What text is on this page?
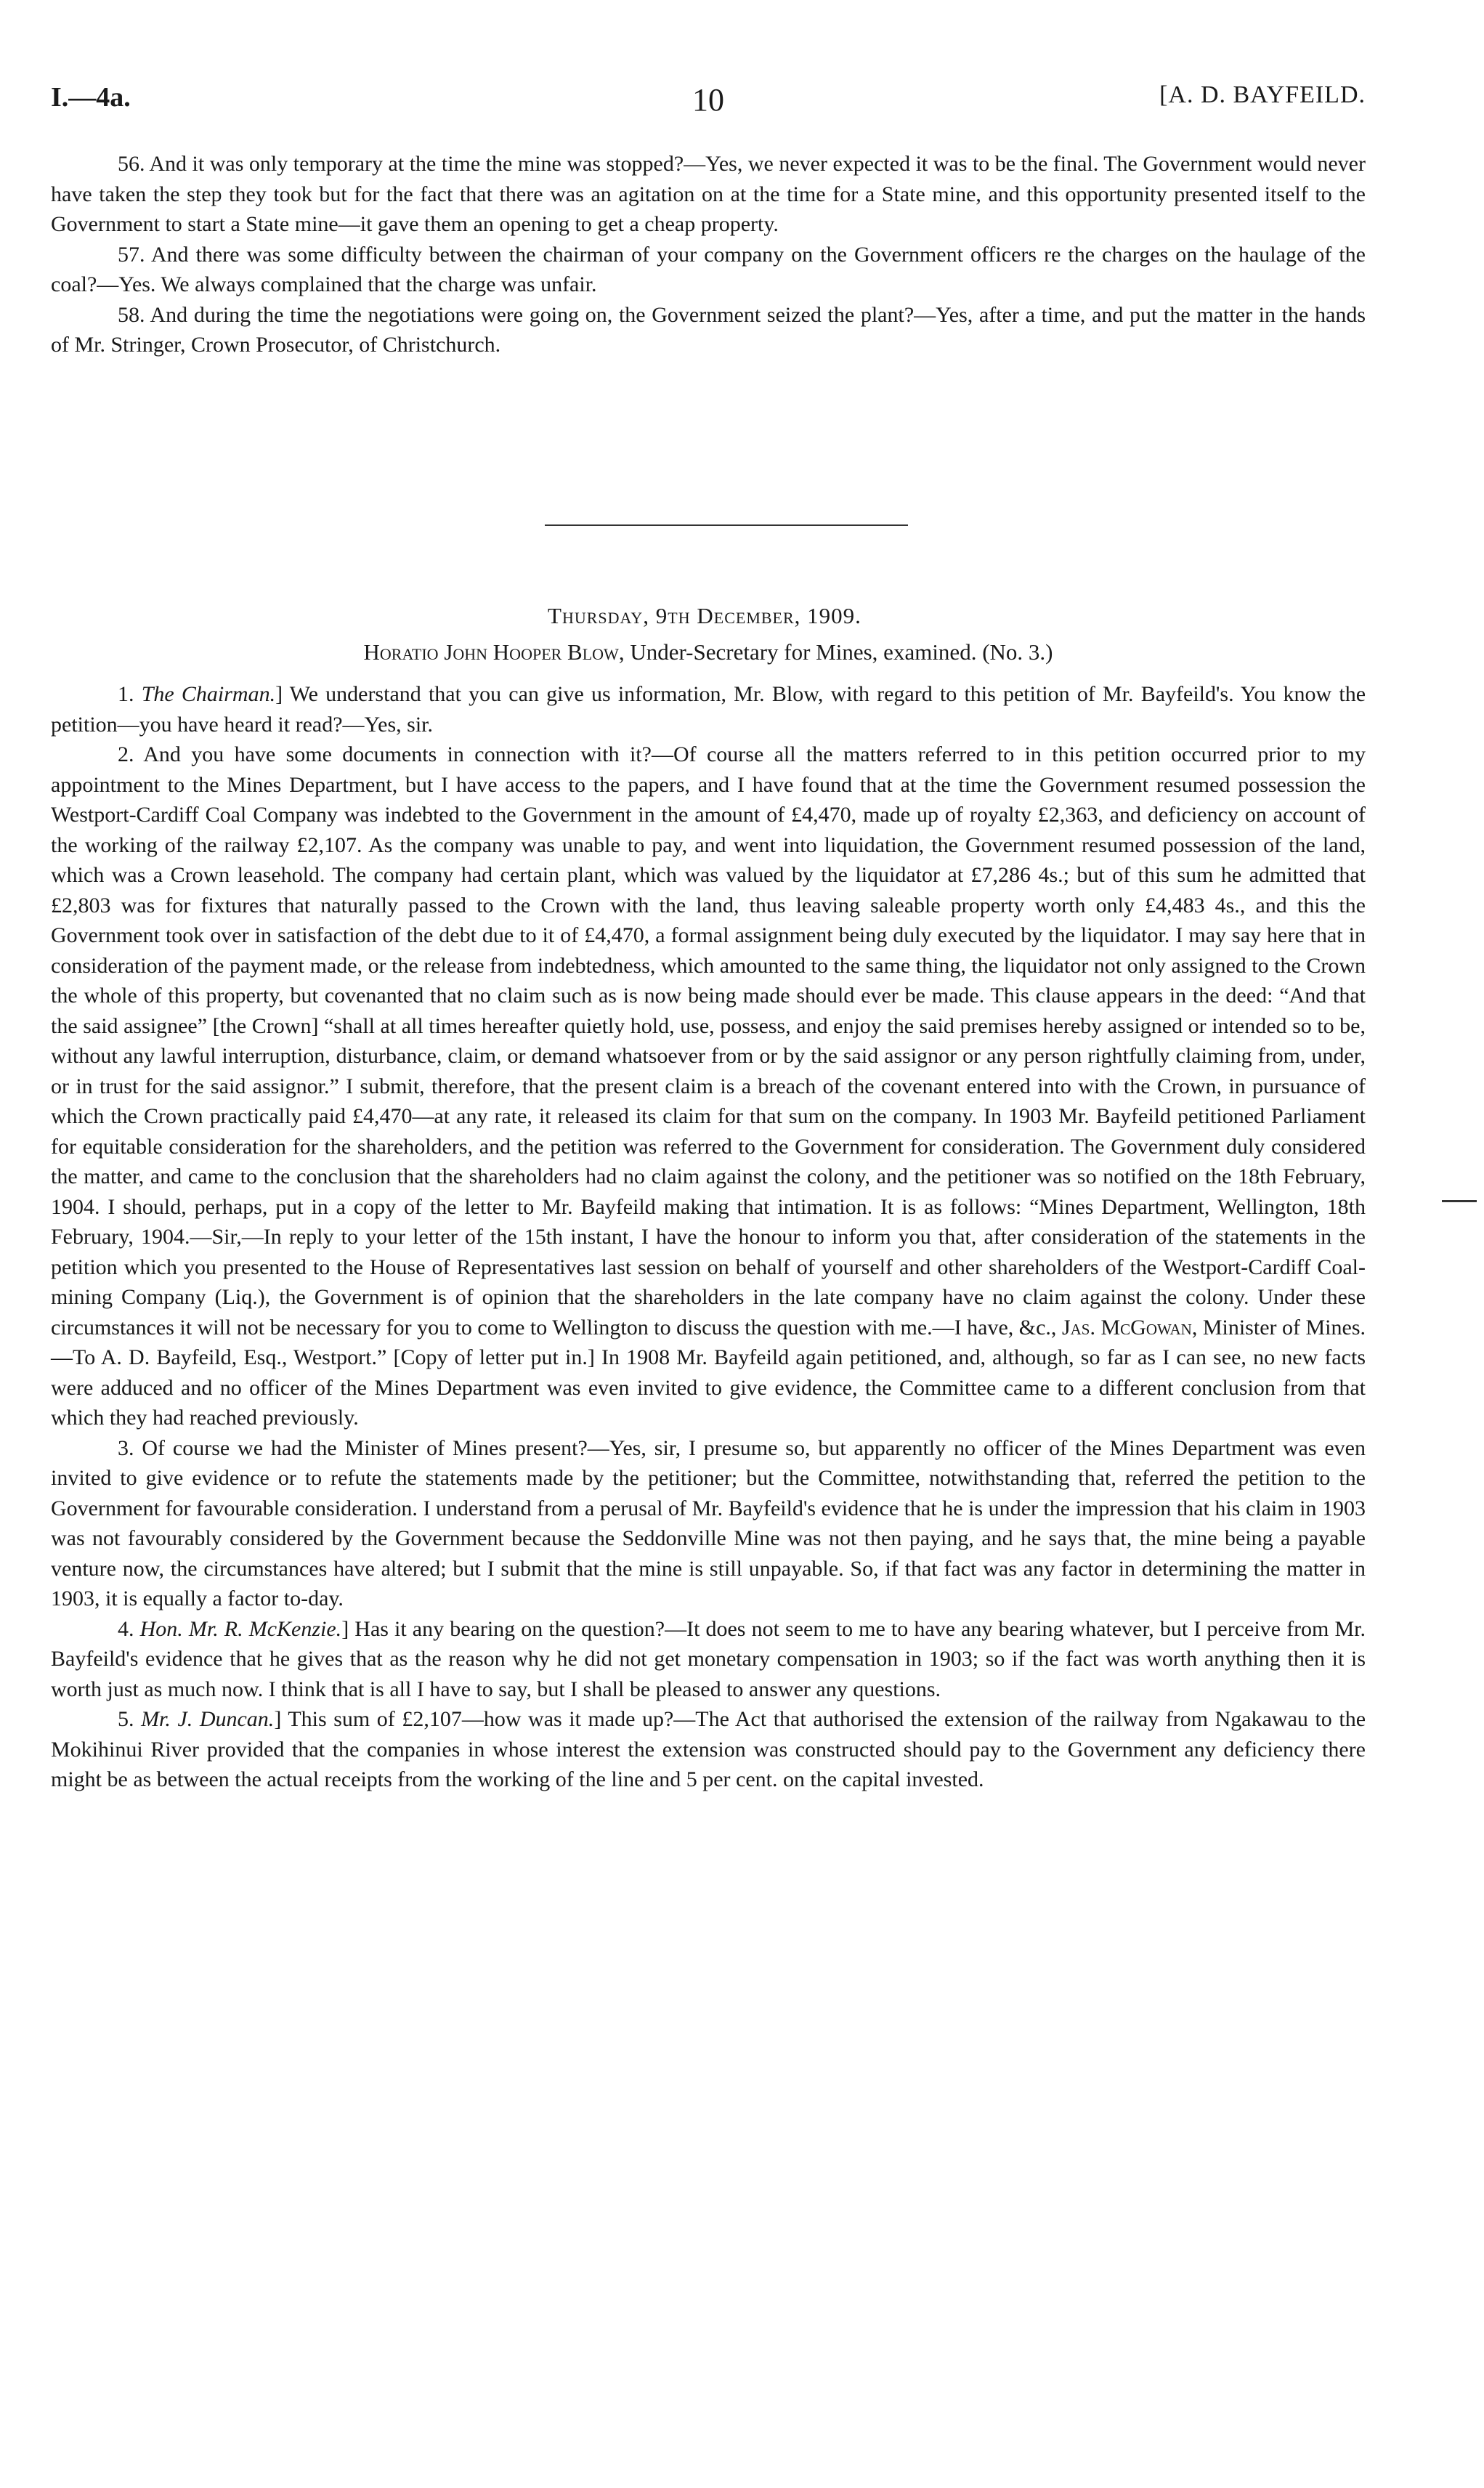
I.—4a.	10	[A. D. BAYFEILD.

56. And it was only temporary at the time the mine was stopped?—Yes, we never expected it was to be the final. The Government would never have taken the step they took but for the fact that there was an agitation on at the time for a State mine, and this opportunity presented itself to the Government to start a State mine—it gave them an opening to get a cheap property.

57. And there was some difficulty between the chairman of your company on the Government officers re the charges on the haulage of the coal?—Yes. We always complained that the charge was unfair.

58. And during the time the negotiations were going on, the Government seized the plant?—Yes, after a time, and put the matter in the hands of Mr. Stringer, Crown Prosecutor, of Christchurch.

Thursday, 9th December, 1909.
Horatio John Hooper Blow, Under-Secretary for Mines, examined. (No. 3.)

1. The Chairman.] We understand that you can give us information, Mr. Blow, with regard to this petition of Mr. Bayfeild's. You know the petition—you have heard it read?—Yes, sir.

2. And you have some documents in connection with it?—Of course all the matters referred to in this petition occurred prior to my appointment to the Mines Department, but I have access to the papers, and I have found that at the time the Government resumed possession the Westport-Cardiff Coal Company was indebted to the Government in the amount of £4,470, made up of royalty £2,363, and deficiency on account of the working of the railway £2,107. As the company was unable to pay, and went into liquidation, the Government resumed possession of the land, which was a Crown leasehold. The company had certain plant, which was valued by the liquidator at £7,286 4s.; but of this sum he admitted that £2,803 was for fixtures that naturally passed to the Crown with the land, thus leaving saleable property worth only £4,483 4s., and this the Government took over in satisfaction of the debt due to it of £4,470, a formal assignment being duly executed by the liquidator. I may say here that in consideration of the payment made, or the release from indebtedness, which amounted to the same thing, the liquidator not only assigned to the Crown the whole of this property, but covenanted that no claim such as is now being made should ever be made. This clause appears in the deed: “And that the said assignee” [the Crown] “shall at all times hereafter quietly hold, use, possess, and enjoy the said premises hereby assigned or intended so to be, without any lawful interruption, disturbance, claim, or demand whatsoever from or by the said assignor or any person rightfully claiming from, under, or in trust for the said assignor.” I submit, therefore, that the present claim is a breach of the covenant entered into with the Crown, in pursuance of which the Crown practically paid £4,470—at any rate, it released its claim for that sum on the company. In 1903 Mr. Bayfeild petitioned Parliament for equitable consideration for the shareholders, and the petition was referred to the Government for consideration. The Government duly considered the matter, and came to the conclusion that the shareholders had no claim against the colony, and the petitioner was so notified on the 18th February, 1904. I should, perhaps, put in a copy of the letter to Mr. Bayfeild making that intimation. It is as follows: “Mines Department, Wellington, 18th February, 1904.—Sir,—In reply to your letter of the 15th instant, I have the honour to inform you that, after consideration of the statements in the petition which you presented to the House of Representatives last session on behalf of yourself and other shareholders of the Westport-Cardiff Coal-mining Company (Liq.), the Government is of opinion that the shareholders in the late company have no claim against the colony. Under these circumstances it will not be necessary for you to come to Wellington to discuss the question with me.—I have, &c., Jas. McGowan, Minister of Mines.—To A. D. Bayfeild, Esq., Westport.” [Copy of letter put in.] In 1908 Mr. Bayfeild again petitioned, and, although, so far as I can see, no new facts were adduced and no officer of the Mines Department was even invited to give evidence, the Committee came to a different conclusion from that which they had reached previously.

3. Of course we had the Minister of Mines present?—Yes, sir, I presume so, but apparently no officer of the Mines Department was even invited to give evidence or to refute the statements made by the petitioner; but the Committee, notwithstanding that, referred the petition to the Government for favourable consideration. I understand from a perusal of Mr. Bayfeild's evidence that he is under the impression that his claim in 1903 was not favourably considered by the Government because the Seddonville Mine was not then paying, and he says that, the mine being a payable venture now, the circumstances have altered; but I submit that the mine is still unpayable. So, if that fact was any factor in determining the matter in 1903, it is equally a factor to-day.

4. Hon. Mr. R. McKenzie.] Has it any bearing on the question?—It does not seem to me to have any bearing whatever, but I perceive from Mr. Bayfeild's evidence that he gives that as the reason why he did not get monetary compensation in 1903; so if the fact was worth anything then it is worth just as much now. I think that is all I have to say, but I shall be pleased to answer any questions.

5. Mr. J. Duncan.] This sum of £2,107—how was it made up?—The Act that authorised the extension of the railway from Ngakawau to the Mokihinui River provided that the companies in whose interest the extension was constructed should pay to the Government any deficiency there might be as between the actual receipts from the working of the line and 5 per cent. on the capital invested.
